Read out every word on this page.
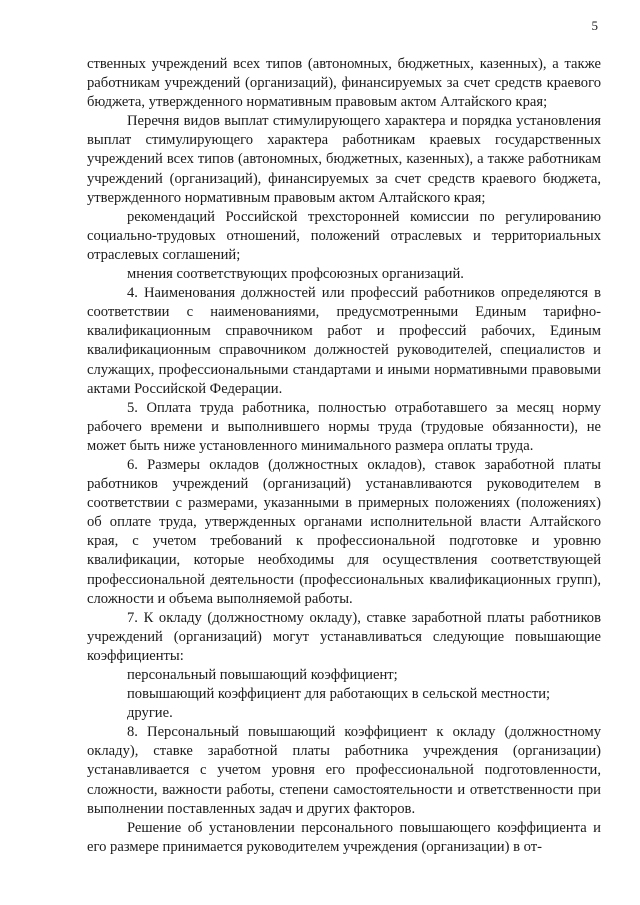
5

ственных учреждений всех типов (автономных, бюджетных, казенных), а также работникам учреждений (организаций), финансируемых за счет средств краевого бюджета, утвержденного нормативным правовым актом Алтайского края;

Перечня видов выплат стимулирующего характера и порядка установления выплат стимулирующего характера работникам краевых государственных учреждений всех типов (автономных, бюджетных, казенных), а также работникам учреждений (организаций), финансируемых за счет средств краевого бюджета, утвержденного нормативным правовым актом Алтайского края;

рекомендаций Российской трехсторонней комиссии по регулированию социально-трудовых отношений, положений отраслевых и территориальных отраслевых соглашений;

мнения соответствующих профсоюзных организаций.

4. Наименования должностей или профессий работников определяются в соответствии с наименованиями, предусмотренными Единым тарифно-квалификационным справочником работ и профессий рабочих, Единым квалификационным справочником должностей руководителей, специалистов и служащих, профессиональными стандартами и иными нормативными правовыми актами Российской Федерации.

5. Оплата труда работника, полностью отработавшего за месяц норму рабочего времени и выполнившего нормы труда (трудовые обязанности), не может быть ниже установленного минимального размера оплаты труда.

6. Размеры окладов (должностных окладов), ставок заработной платы работников учреждений (организаций) устанавливаются руководителем в соответствии с размерами, указанными в примерных положениях (положениях) об оплате труда, утвержденных органами исполнительной власти Алтайского края, с учетом требований к профессиональной подготовке и уровню квалификации, которые необходимы для осуществления соответствующей профессиональной деятельности (профессиональных квалификационных групп), сложности и объема выполняемой работы.

7. К окладу (должностному окладу), ставке заработной платы работников учреждений (организаций) могут устанавливаться следующие повышающие коэффициенты:

персональный повышающий коэффициент;

повышающий коэффициент для работающих в сельской местности;

другие.

8. Персональный повышающий коэффициент к окладу (должностному окладу), ставке заработной платы работника учреждения (организации) устанавливается с учетом уровня его профессиональной подготовленности, сложности, важности работы, степени самостоятельности и ответственности при выполнении поставленных задач и других факторов.

Решение об установлении персонального повышающего коэффициента и его размере принимается руководителем учреждения (организации) в от-
